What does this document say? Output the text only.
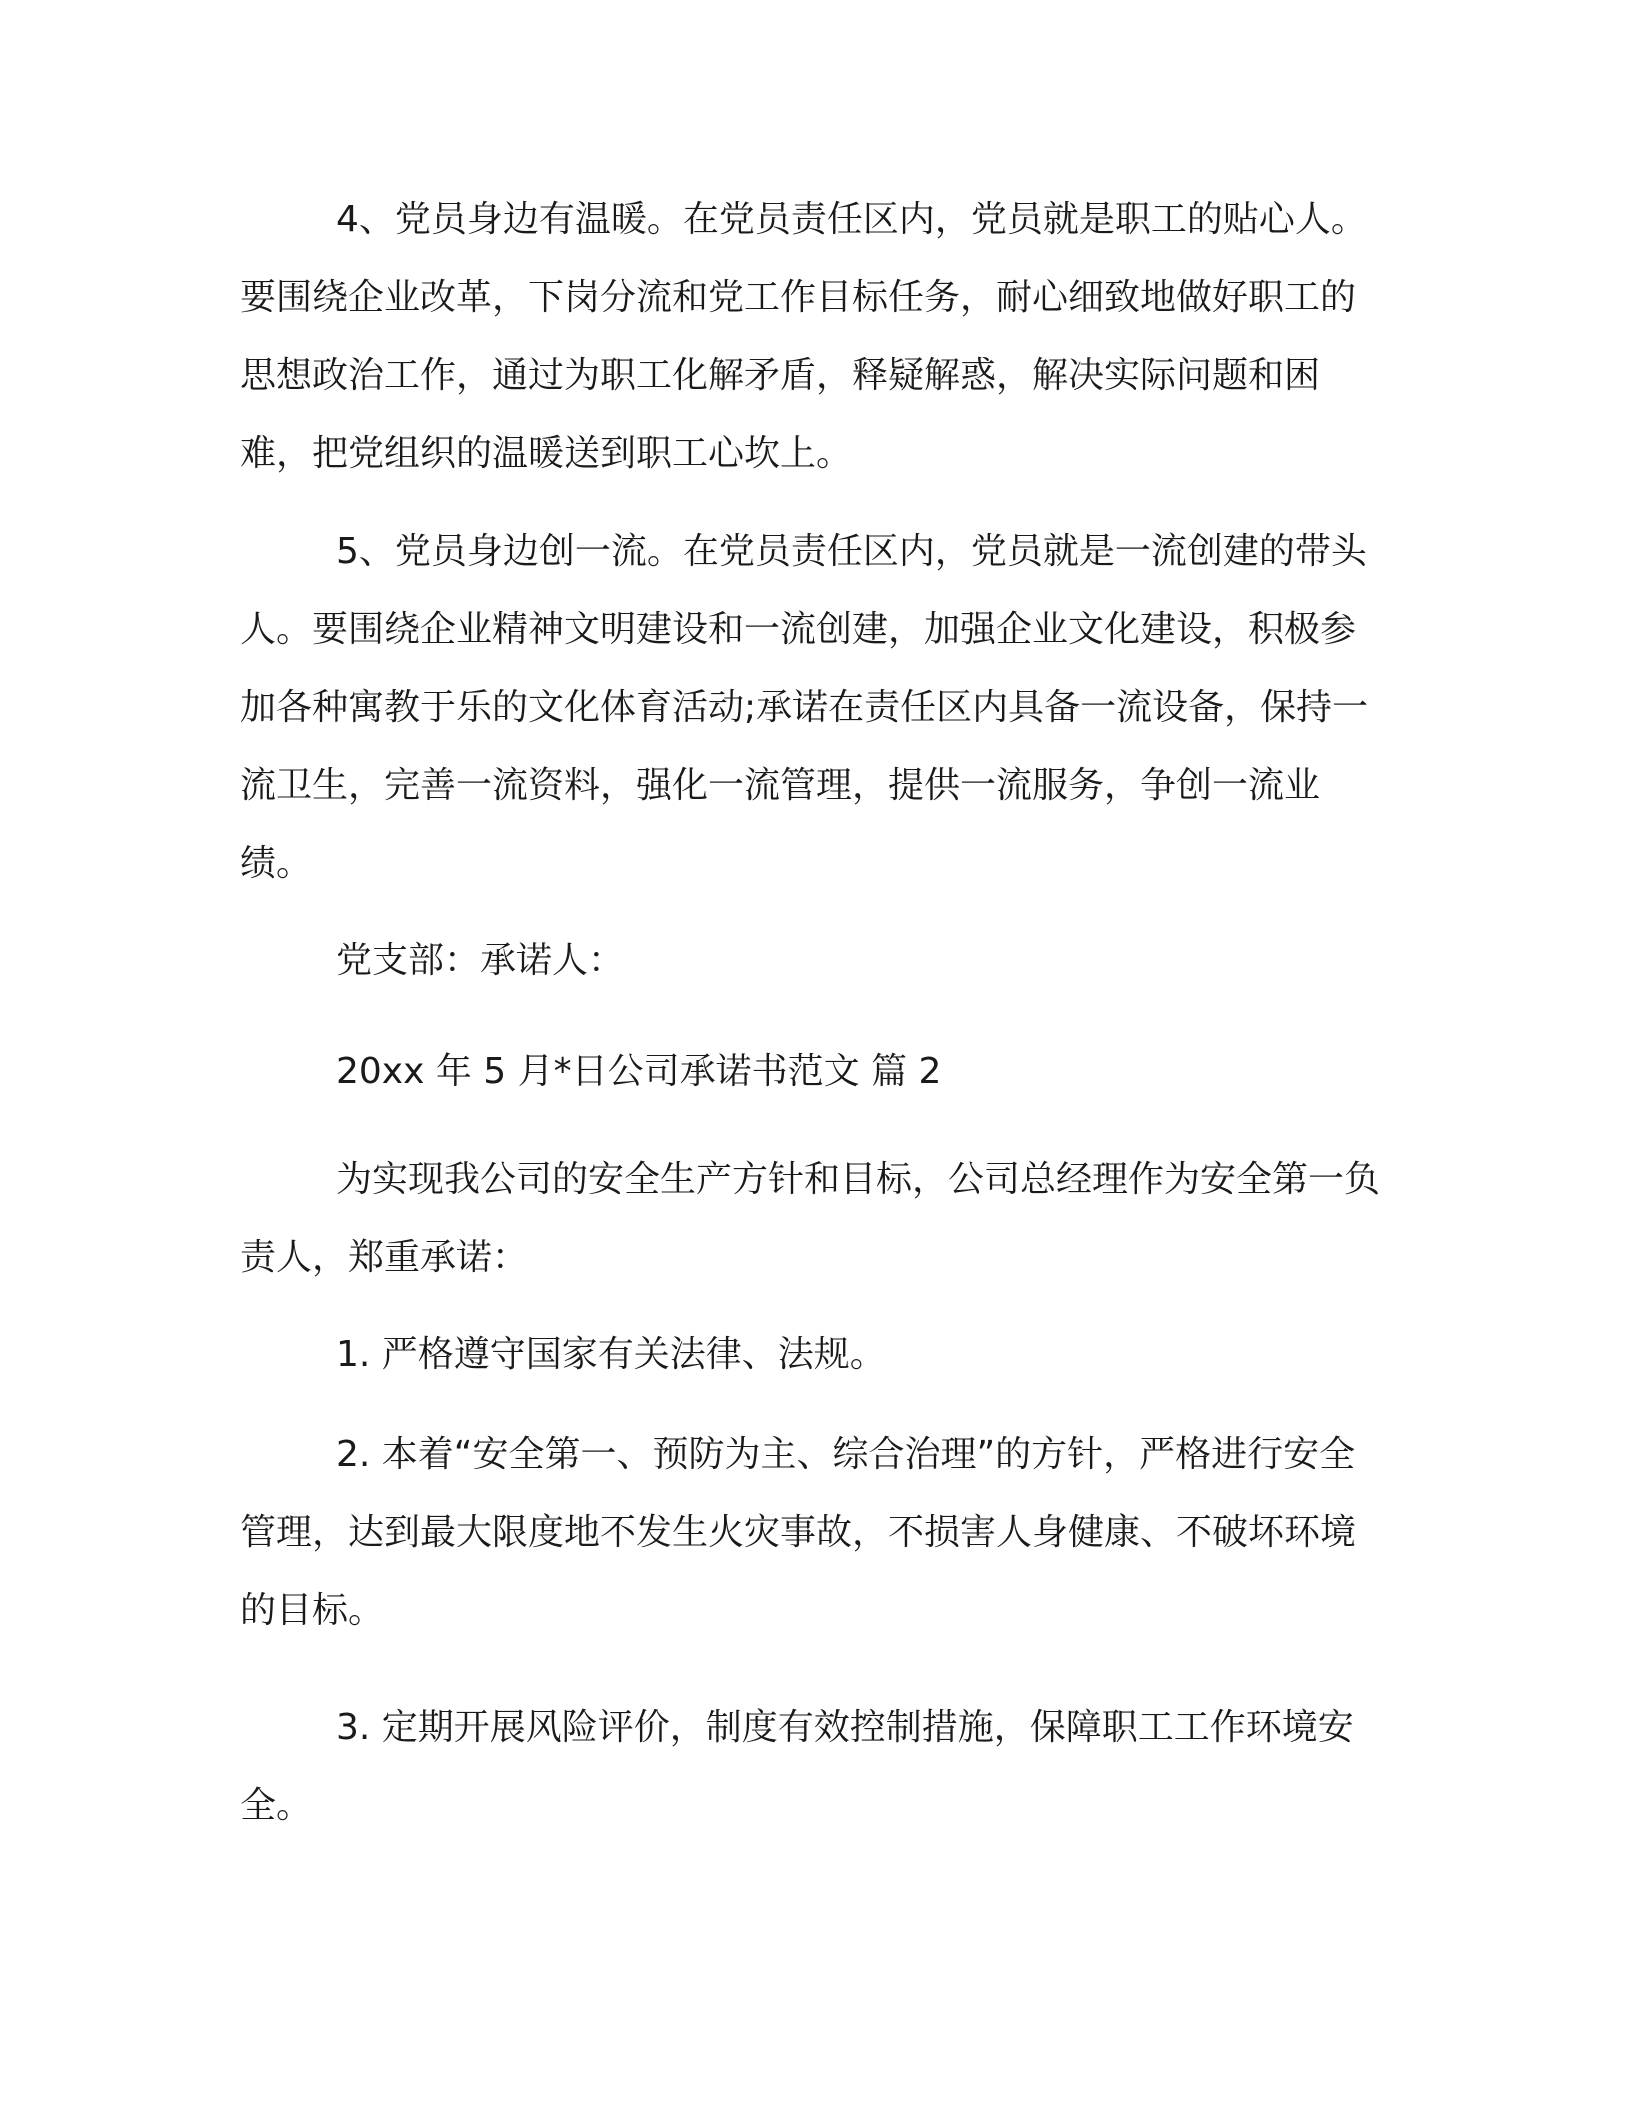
4、党员身边有温暖。在党员责任区内，党员就是职工的贴心人。要围绕企业改革，下岗分流和党工作目标任务，耐心细致地做好职工的思想政治工作，通过为职工化解矛盾，释疑解惑，解决实际问题和困难，把党组织的温暖送到职工心坎上。

5、党员身边创一流。在党员责任区内，党员就是一流创建的带头人。要围绕企业精神文明建设和一流创建，加强企业文化建设，积极参加各种寓教于乐的文化体育活动;承诺在责任区内具备一流设备，保持一流卫生，完善一流资料，强化一流管理，提供一流服务，争创一流业绩。

党支部：承诺人：

20xx 年 5 月*日公司承诺书范文 篇 2

为实现我公司的安全生产方针和目标，公司总经理作为安全第一负责人，郑重承诺：

1. 严格遵守国家有关法律、法规。

2. 本着“安全第一、预防为主、综合治理”的方针，严格进行安全管理，达到最大限度地不发生火灾事故，不损害人身健康、不破坏环境的目标。

3. 定期开展风险评价，制度有效控制措施，保障职工工作环境安全。
